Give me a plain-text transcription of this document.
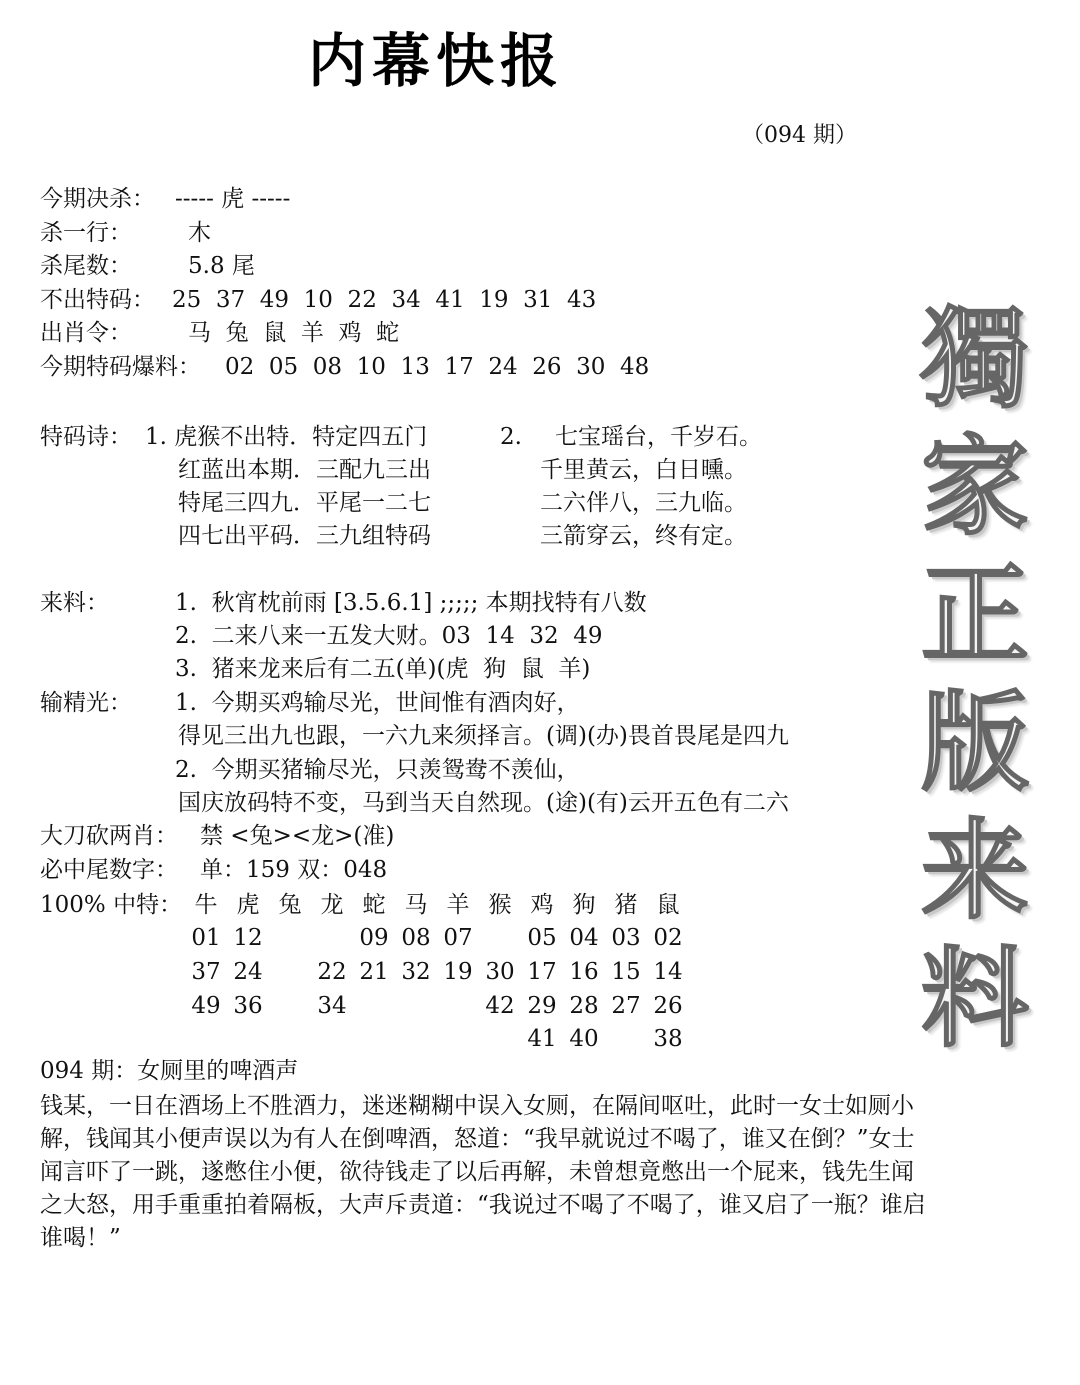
内幕快报
（094 期）
今期决杀： ----- 虎 -----
杀一行： 木
杀尾数： 5.8 尾
不出特码： 25  37  49  10  22  34  41  19  31  43
出肖令： 马  兔  鼠  羊  鸡  蛇
今期特码爆料： 02  05  08  10  13  17  24  26  30  48
特码诗： 1. 虎猴不出特．特定四五门
红蓝出本期．三配九三出
特尾三四九．平尾一二七
四七出平码．三九组特码
2. 七宝瑶台，千岁石。
千里黄云，白日曛。
二六伴八，三九临。
三箭穿云，终有定。
来料：	1.  秋宵枕前雨 [3.5.6.1] ;;;;; 本期找特有八数
2.  二来八来一五发大财。03  14  32  49
3.  猪来龙来后有二五(单)(虎  狗  鼠  羊)
输精光： 1.  今期买鸡输尽光，世间惟有酒肉好，
得见三出九也跟，一六九来须择言。(调)(办)畏首畏尾是四九
2.  今期买猪输尽光，只羡鸳鸯不羡仙，
国庆放码特不变，马到当天自然现。(途)(有)云开五色有二六
大刀砍两肖： 禁 <兔><龙>(准)
必中尾数字： 单：159 双：048
100% 中特： 牛 虎 兔 龙 蛇 马 羊 猴 鸡 狗 猪 鼠
01
37
49
12
24
36
22
34
09
21
08
32
07
19 30
42
05
17
29
41
04
16
28
40
03
15
27
02
14
26
38
獨
家
正
版
来
料
094 期：女厕里的啤酒声

钱某，一日在酒场上不胜酒力，迷迷糊糊中误入女厕，在隔间呕吐，此时一女士如厕小解，钱闻其小便声误以为有人在倒啤酒，怒道：“我早就说过不喝了，谁又在倒？”女士闻言吓了一跳，遂憋住小便，欲待钱走了以后再解，未曾想竟憋出一个屁来，钱先生闻之大怒，用手重重拍着隔板，大声斥责道：“我说过不喝了不喝了，谁又启了一瓶？谁启谁喝！”
